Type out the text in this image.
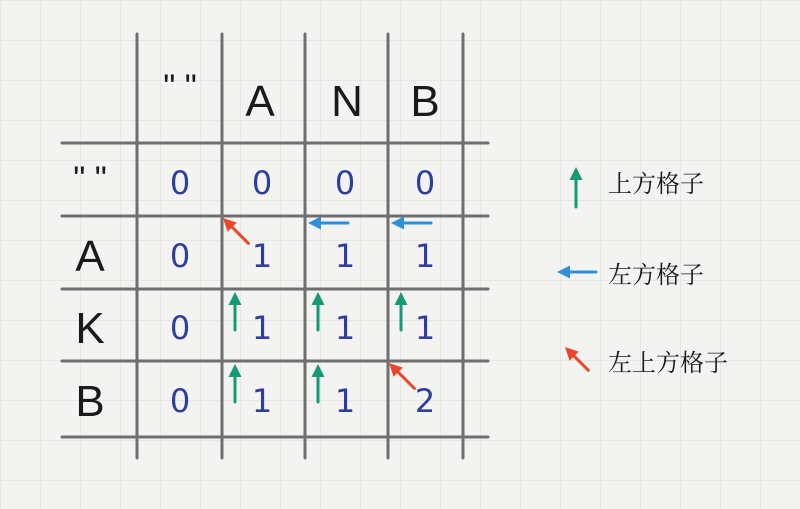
" " A N B
" "
A
K
B
0 0 0 0
0 1 1 1
0 1 1 1
0 1 1 2
上方格子
左方格子
左上方格子
